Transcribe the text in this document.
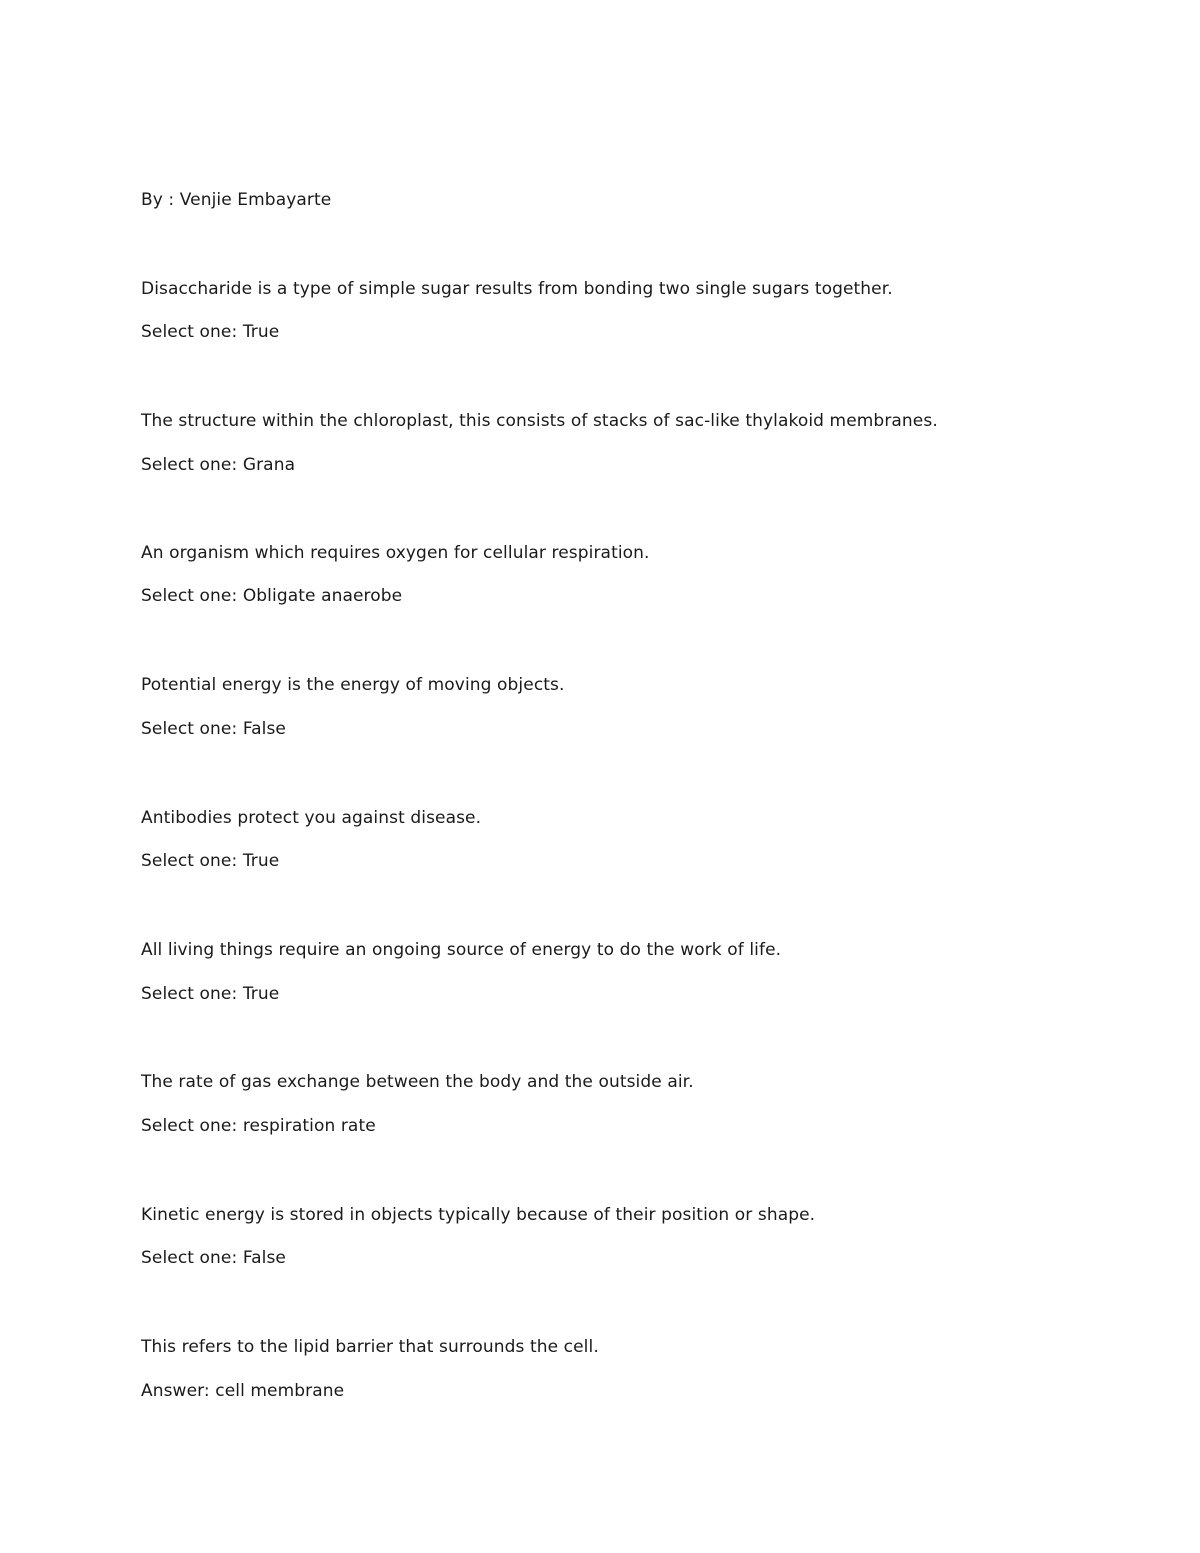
By : Venjie Embayarte
Disaccharide is a type of simple sugar results from bonding two single sugars together.
Select one: True
The structure within the chloroplast, this consists of stacks of sac-like thylakoid membranes.
Select one: Grana
An organism which requires oxygen for cellular respiration.
Select one: Obligate anaerobe
Potential energy is the energy of moving objects.
Select one: False
Antibodies protect you against disease.
Select one: True
All living things require an ongoing source of energy to do the work of life.
Select one: True
The rate of gas exchange between the body and the outside air.
Select one: respiration rate
Kinetic energy is stored in objects typically because of their position or shape.
Select one: False
This refers to the lipid barrier that surrounds the cell.
Answer: cell membrane
